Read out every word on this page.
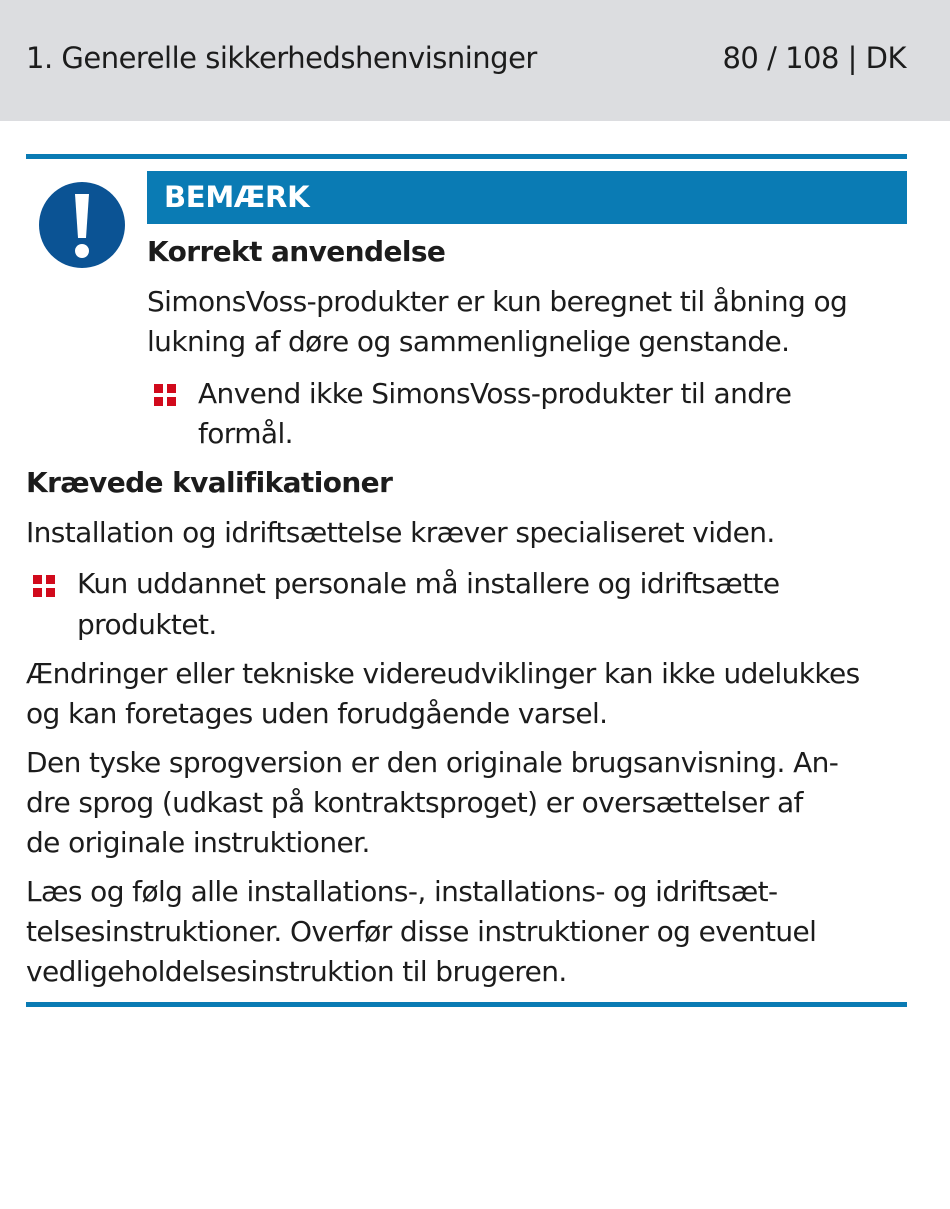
1. Generelle sikkerhedshenvisninger	80 / 108 | DK
BEMÆRK
Korrekt anvendelse
SimonsVoss-produkter er kun beregnet til åbning og
lukning af døre og sammenlignelige genstande.
Anvend ikke SimonsVoss-produkter til andre
formål.
Krævede kvalifikationer
Installation og idriftsættelse kræver specialiseret viden.
Kun uddannet personale må installere og idriftsætte
produktet.
Ændringer eller tekniske videreudviklinger kan ikke udelukkes
og kan foretages uden forudgående varsel.
Den tyske sprogversion er den originale brugsanvisning. An-
dre sprog (udkast på kontraktsproget) er oversættelser af
de originale instruktioner.
Læs og følg alle installations-, installations- og idriftsæt-
telsesinstruktioner. Overfør disse instruktioner og eventuel
vedligeholdelsesinstruktion til brugeren.
